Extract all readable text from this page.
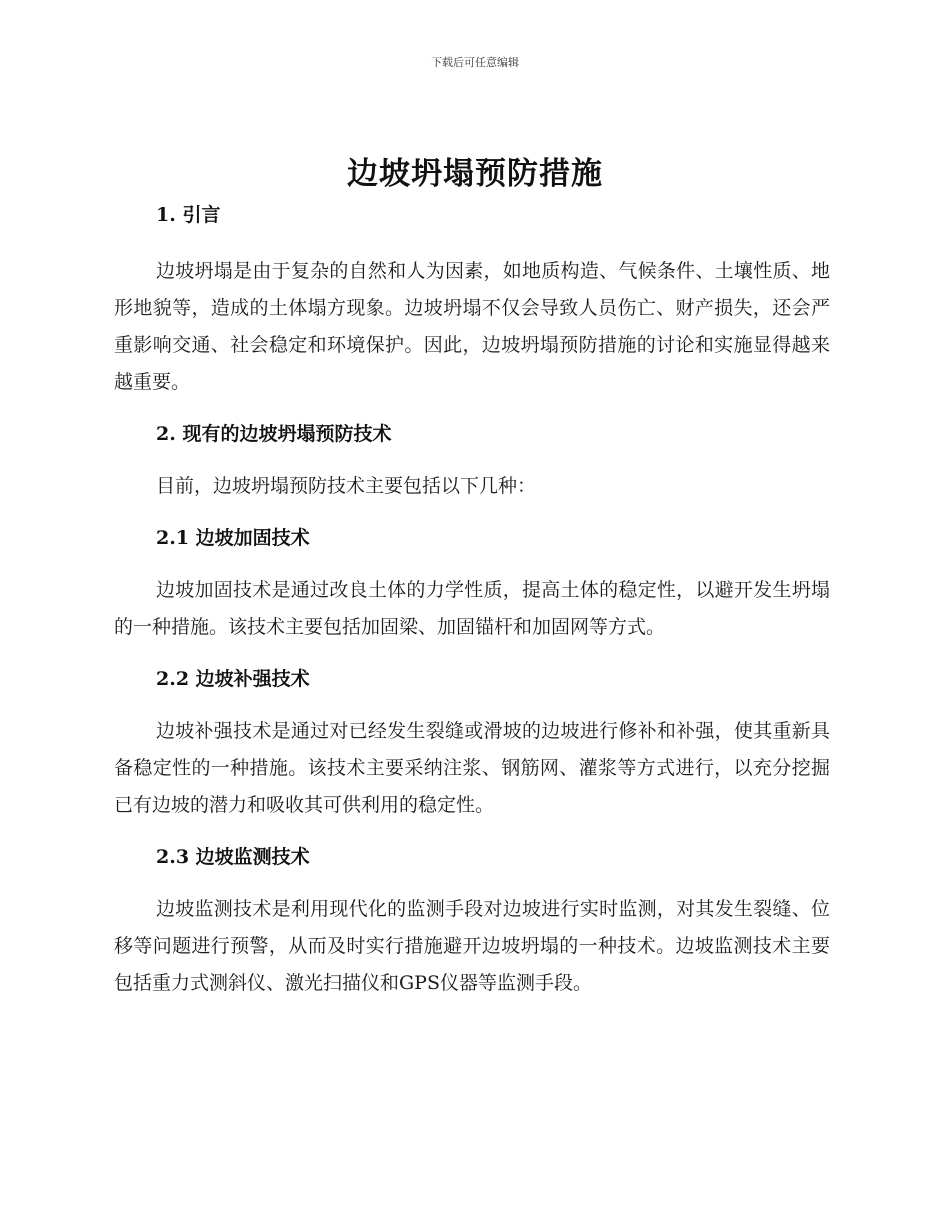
下载后可任意编辑
边坡坍塌预防措施
1. 引言

边坡坍塌是由于复杂的自然和人为因素，如地质构造、气候条件、土壤性质、地形地貌等，造成的土体塌方现象。边坡坍塌不仅会导致人员伤亡、财产损失，还会严重影响交通、社会稳定和环境保护。因此，边坡坍塌预防措施的讨论和实施显得越来越重要。

2. 现有的边坡坍塌预防技术

目前，边坡坍塌预防技术主要包括以下几种：

2.1 边坡加固技术

边坡加固技术是通过改良土体的力学性质，提高土体的稳定性，以避开发生坍塌的一种措施。该技术主要包括加固梁、加固锚杆和加固网等方式。

2.2 边坡补强技术

边坡补强技术是通过对已经发生裂缝或滑坡的边坡进行修补和补强，使其重新具备稳定性的一种措施。该技术主要采纳注浆、钢筋网、灌浆等方式进行，以充分挖掘已有边坡的潜力和吸收其可供利用的稳定性。

2.3 边坡监测技术

边坡监测技术是利用现代化的监测手段对边坡进行实时监测，对其发生裂缝、位移等问题进行预警，从而及时实行措施避开边坡坍塌的一种技术。边坡监测技术主要包括重力式测斜仪、激光扫描仪和GPS仪器等监测手段。
